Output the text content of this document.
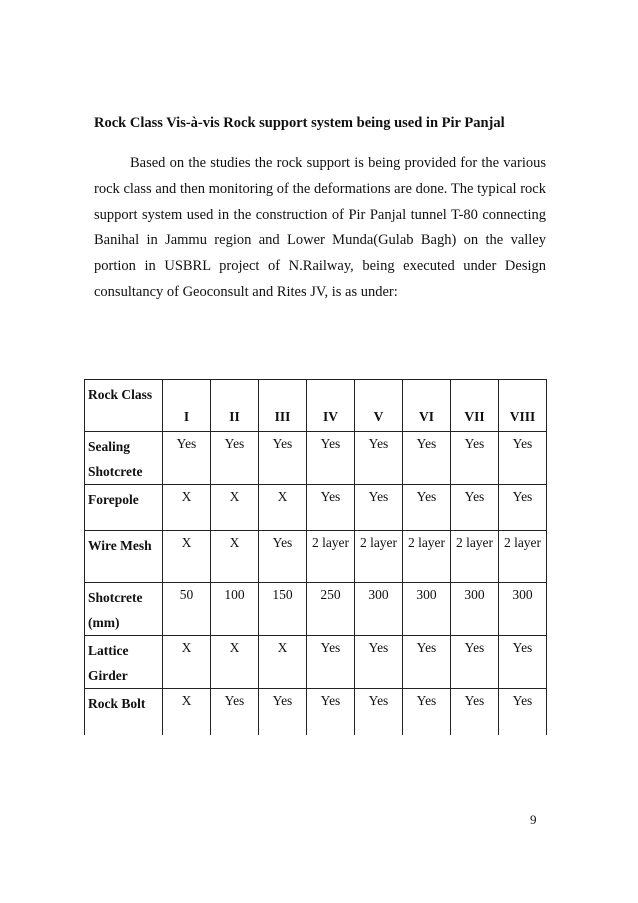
Rock Class Vis-à-vis Rock support system being used in Pir Panjal

Based on the studies the rock support is being provided for the various rock class and then monitoring of the deformations are done. The typical rock support system used in the construction of Pir Panjal tunnel T-80 connecting Banihal in Jammu region and Lower Munda(Gulab Bagh) on the valley portion in USBRL project of N.Railway, being executed under Design consultancy of Geoconsult and Rites JV, is as under:

Rock Class	I	II	III	IV	V	VI	VII	VIII
Sealing Shotcrete	Yes	Yes	Yes	Yes	Yes	Yes	Yes	Yes
Forepole	X	X	X	Yes	Yes	Yes	Yes	Yes
Wire Mesh	X	X	Yes	2 layer	2 layer	2 layer	2 layer	2 layer
Shotcrete (mm)	50	100	150	250	300	300	300	300
Lattice Girder	X	X	X	Yes	Yes	Yes	Yes	Yes
Rock Bolt	X	Yes	Yes	Yes	Yes	Yes	Yes	Yes
9
